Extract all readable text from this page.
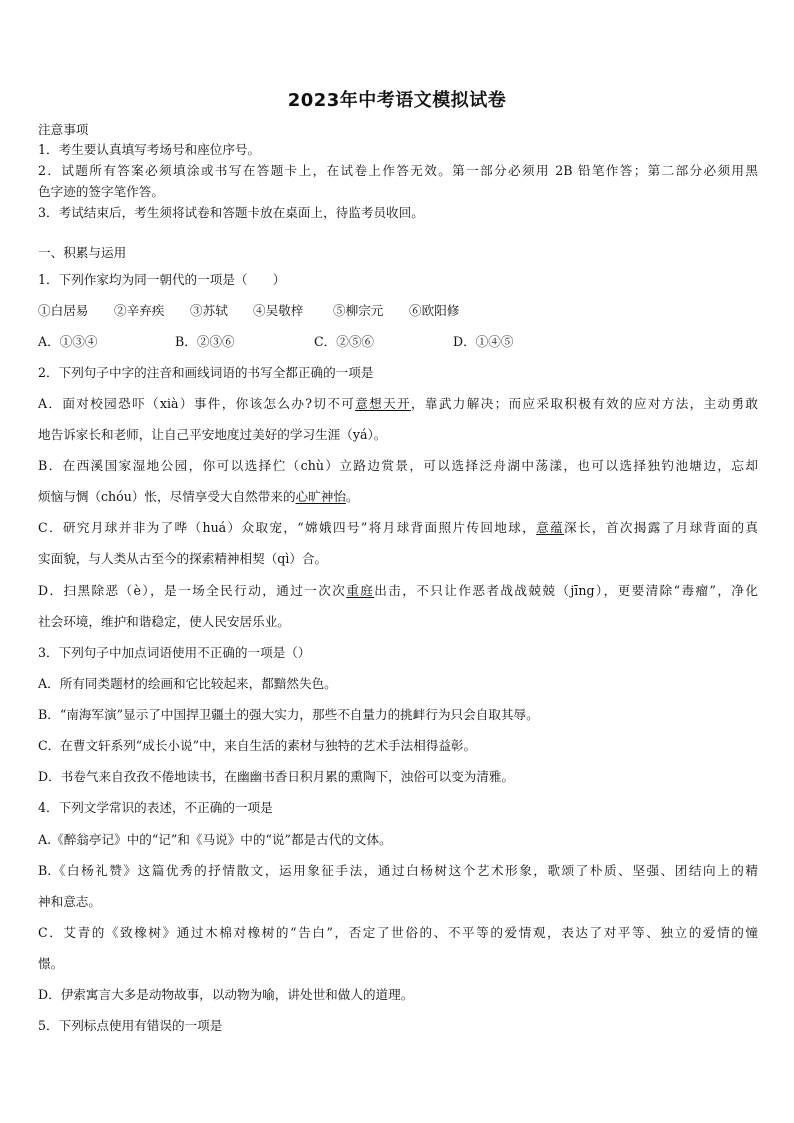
2023年中考语文模拟试卷
注意事项
1．考生要认真填写考场号和座位序号。
2．试题所有答案必须填涂或书写在答题卡上，在试卷上作答无效。第一部分必须用 2B 铅笔作答；第二部分必须用黑
色字迹的签字笔作答。
3．考试结束后，考生须将试卷和答题卡放在桌面上，待监考员收回。
一、积累与运用
1．下列作家均为同一朝代的一项是（　　）
①白居易 ②辛弃疾 ③苏轼 ④吴敬梓 ⑤柳宗元 ⑥欧阳修
A．①③④	B．②③⑥	C．②⑤⑥	D．①④⑤
2．下列句子中字的注音和画线词语的书写全都正确的一项是
A．面对校园恐吓（xià）事件，你该怎么办?切不可意想天开，靠武力解决；而应采取积极有效的应对方法，主动勇敢
地告诉家长和老师，让自己平安地度过美好的学习生涯（yá）。
B．在西溪国家湿地公园，你可以选择伫（chù）立路边赏景，可以选择泛舟湖中荡漾，也可以选择独钓池塘边，忘却
烦恼与惆（chóu）怅，尽情享受大自然带来的心旷神怡。
C．研究月球并非为了哗（huá）众取宠，“嫦娥四号”将月球背面照片传回地球，意蕴深长，首次揭露了月球背面的真
实面貌，与人类从古至今的探索精神相契（qì）合。
D．扫黑除恶（è），是一场全民行动，通过一次次重庭出击，不只让作恶者战战兢兢（jīng），更要清除“毒瘤”，净化
社会环境，维护和谐稳定，使人民安居乐业。
3．下列句子中加点词语使用不正确的一项是（）
A．所有同类题材的绘画和它比较起来，都黯然失色。
B．“南海军演”显示了中国捍卫疆土的强大实力，那些不自量力的挑衅行为只会自取其辱。
C．在曹文轩系列“成长小说”中，来自生活的素材与独特的艺术手法相得益彰。
D．书卷气来自孜孜不倦地读书，在幽幽书香日积月累的熏陶下，浊俗可以变为清雅。
4．下列文学常识的表述，不正确的一项是
A.《醉翁亭记》中的“记”和《马说》中的“说”都是古代的文体。
B.《白杨礼赞》这篇优秀的抒情散文，运用象征手法，通过白杨树这个艺术形象，歌颂了朴质、坚强、团结向上的精
神和意志。
C．艾青的《致橡树》通过木棉对橡树的“告白”，否定了世俗的、不平等的爱情观，表达了对平等、独立的爱情的憧
憬。
D．伊索寓言大多是动物故事，以动物为喻，讲处世和做人的道理。
5．下列标点使用有错误的一项是
